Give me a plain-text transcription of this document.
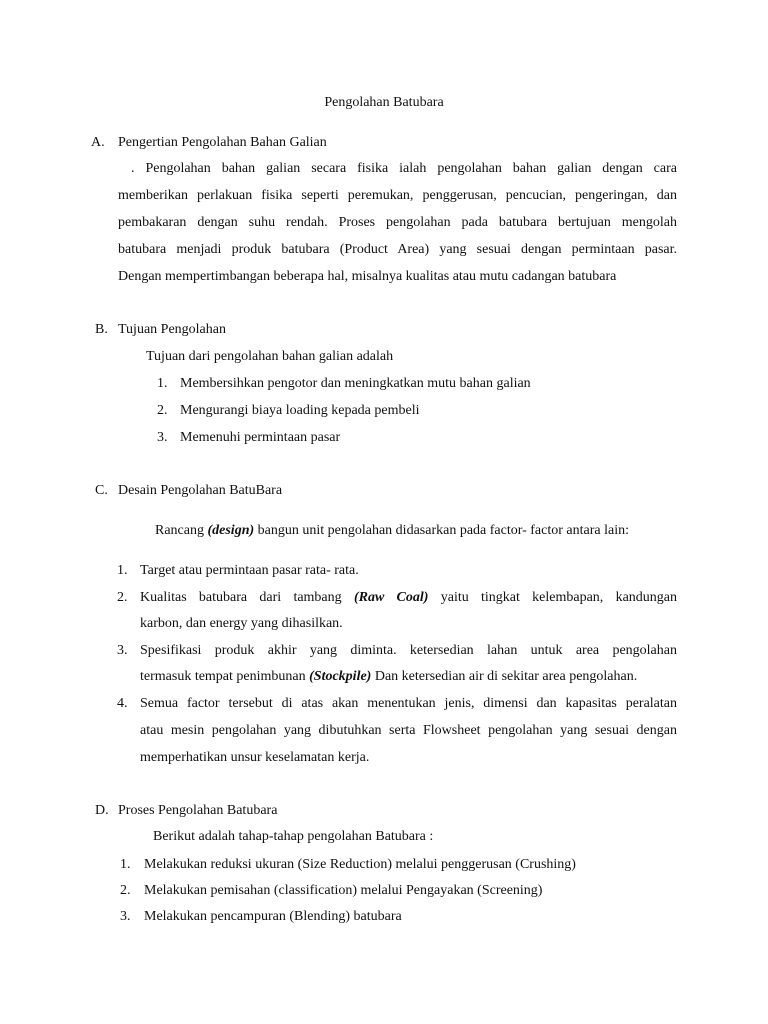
Pengolahan Batubara
A. Pengertian Pengolahan Bahan Galian
. Pengolahan bahan galian secara fisika ialah pengolahan bahan galian dengan cara
memberikan perlakuan fisika seperti peremukan, penggerusan, pencucian, pengeringan, dan
pembakaran dengan suhu rendah. Proses pengolahan pada batubara bertujuan mengolah
batubara menjadi produk batubara (Product Area) yang sesuai dengan permintaan pasar.
Dengan mempertimbangan beberapa hal, misalnya kualitas atau mutu cadangan batubara
B. Tujuan Pengolahan
Tujuan dari pengolahan bahan galian adalah
1. Membersihkan pengotor dan meningkatkan mutu bahan galian
2. Mengurangi biaya loading kepada pembeli
3. Memenuhi permintaan pasar
C. Desain Pengolahan BatuBara
Rancang (design) bangun unit pengolahan didasarkan pada factor- factor antara lain:
1. Target atau permintaan pasar rata- rata.
2. Kualitas batubara dari tambang (Raw Coal) yaitu tingkat kelembapan, kandungan
karbon, dan energy yang dihasilkan.
3. Spesifikasi produk akhir yang diminta. ketersedian lahan untuk area pengolahan
termasuk tempat penimbunan (Stockpile) Dan ketersedian air di sekitar area pengolahan.
4. Semua factor tersebut di atas akan menentukan jenis, dimensi dan kapasitas peralatan
atau mesin pengolahan yang dibutuhkan serta Flowsheet pengolahan yang sesuai dengan
memperhatikan unsur keselamatan kerja.
D. Proses Pengolahan Batubara
Berikut adalah tahap-tahap pengolahan Batubara :
1. Melakukan reduksi ukuran (Size Reduction) melalui penggerusan (Crushing)
2. Melakukan pemisahan (classification) melalui Pengayakan (Screening)
3. Melakukan pencampuran (Blending) batubara
